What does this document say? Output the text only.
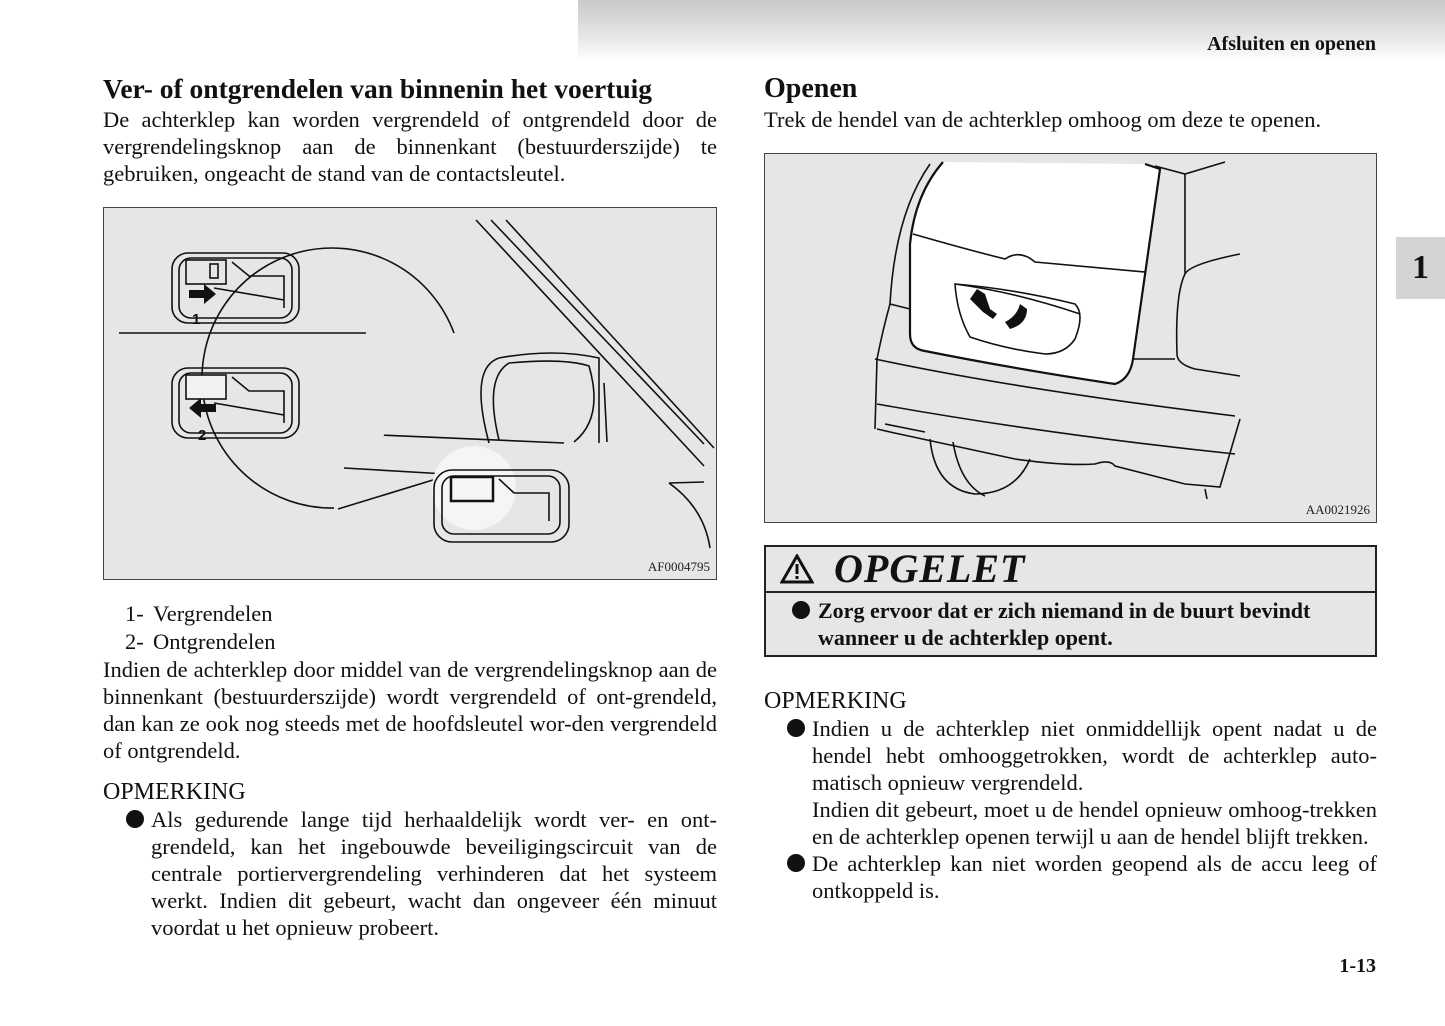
Afsluiten en openen
1
1-13
Ver- of ontgrendelen van binnenin het voertuig

De achterklep kan worden vergrendeld of ontgrendeld door de vergrendelingsknop aan de binnenkant (bestuurderszijde) te gebruiken, ongeacht de stand van de contactsleutel.

1
2
AF0004795
1- Vergrendelen
2- Ontgrendelen

Indien de achterklep door middel van de vergrendelingsknop aan de binnenkant (bestuurderszijde) wordt vergrendeld of ont-grendeld, dan kan ze ook nog steeds met de hoofdsleutel wor-den vergrendeld of ontgrendeld.

OPMERKING
Als gedurende lange tijd herhaaldelijk wordt ver- en ont-grendeld, kan het ingebouwde beveiligingscircuit van de centrale portiervergrendeling verhinderen dat het systeem werkt. Indien dit gebeurt, wacht dan ongeveer één minuut voordat u het opnieuw probeert.
Openen

Trek de hendel van de achterklep omhoog om deze te openen.

AA0021926
OPGELET
Zorg ervoor dat er zich niemand in de buurt bevindt wanneer u de achterklep opent.
OPMERKING

Indien u de achterklep niet onmiddellijk opent nadat u de hendel hebt omhooggetrokken, wordt de achterklep auto-matisch opnieuw vergrendeld.

Indien dit gebeurt, moet u de hendel opnieuw omhoog-trekken en de achterklep openen terwijl u aan de hendel blijft trekken.

De achterklep kan niet worden geopend als de accu leeg of ontkoppeld is.
